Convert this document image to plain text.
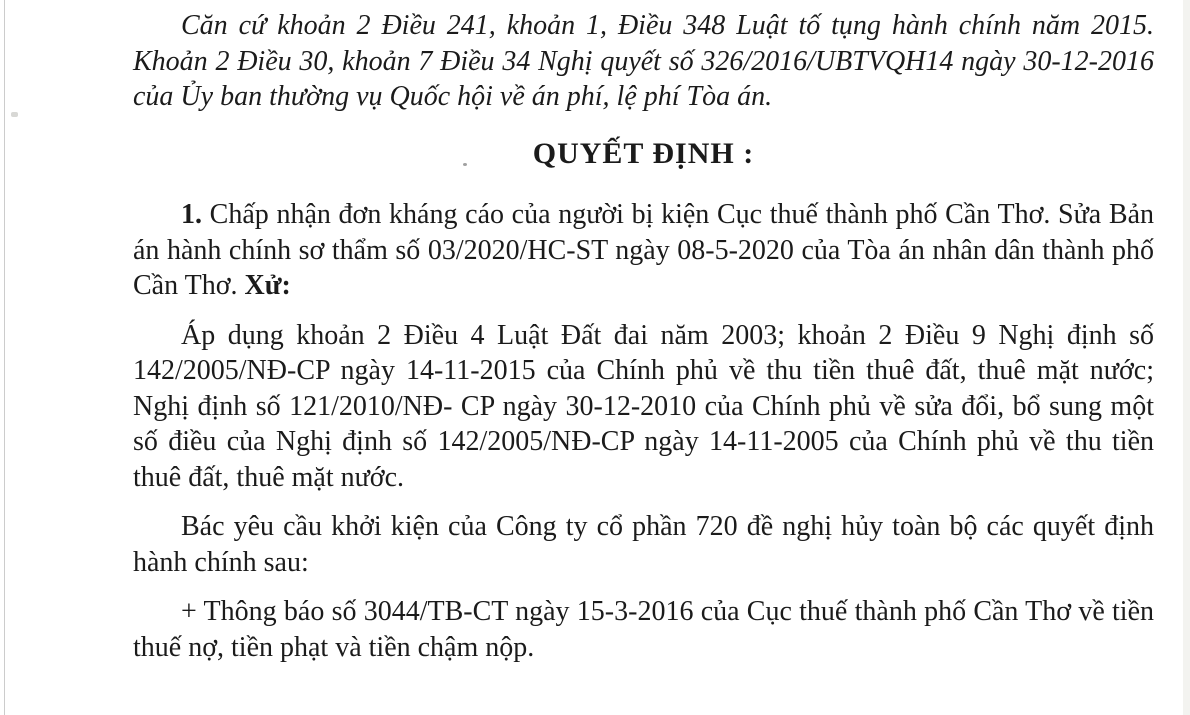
Căn cứ khoản 2 Điều 241, khoản 1, Điều 348 Luật tố tụng hành chính năm 2015. Khoản 2 Điều 30, khoản 7 Điều 34 Nghị quyết số 326/2016/UBTVQH14 ngày 30-12-2016 của Ủy ban thường vụ Quốc hội về án phí, lệ phí Tòa án.

QUYẾT ĐỊNH :

1. Chấp nhận đơn kháng cáo của người bị kiện Cục thuế thành phố Cần Thơ. Sửa Bản án hành chính sơ thẩm số 03/2020/HC-ST ngày 08-5-2020 của Tòa án nhân dân thành phố Cần Thơ. Xử:

Áp dụng khoản 2 Điều 4 Luật Đất đai năm 2003; khoản 2 Điều 9 Nghị định số 142/2005/NĐ-CP ngày 14-11-2015 của Chính phủ về thu tiền thuê đất, thuê mặt nước; Nghị định số 121/2010/NĐ- CP ngày 30-12-2010 của Chính phủ về sửa đổi, bổ sung một số điều của Nghị định số 142/2005/NĐ-CP ngày 14-11-2005 của Chính phủ về thu tiền thuê đất, thuê mặt nước.

Bác yêu cầu khởi kiện của Công ty cổ phần 720 đề nghị hủy toàn bộ các quyết định hành chính sau:

+ Thông báo số 3044/TB-CT ngày 15-3-2016 của Cục thuế thành phố Cần Thơ về tiền thuế nợ, tiền phạt và tiền chậm nộp.
